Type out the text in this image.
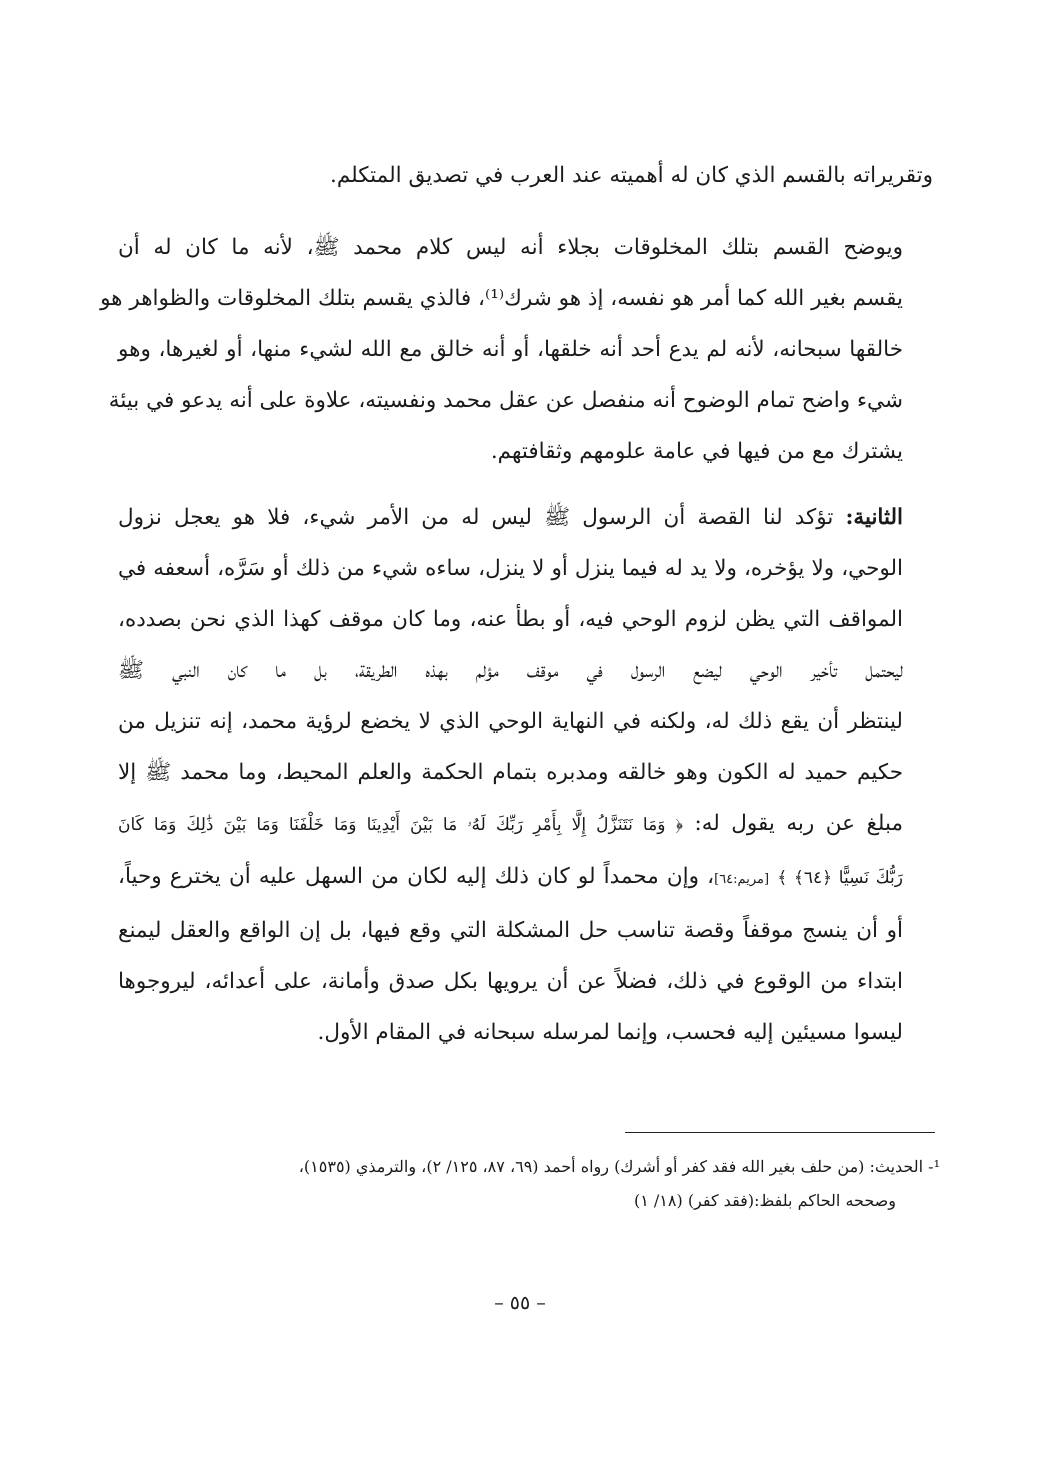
وتقريراته بالقسم الذي كان له أهميته عند العرب في تصديق المتكلم.
ويوضح القسم بتلك المخلوقات بجلاء أنه ليس كلام محمد ﷺ، لأنه ما كان له أن
يقسم بغير الله كما أمر هو نفسه، إذ هو شرك⁽¹⁾، فالذي يقسم بتلك المخلوقات والظواهر هو
خالقها سبحانه، لأنه لم يدع أحد أنه خلقها، أو أنه خالق مع الله لشيء منها، أو لغيرها، وهو
شيء واضح تمام الوضوح أنه منفصل عن عقل محمد ونفسيته، علاوة على أنه يدعو في بيئة
يشترك مع من فيها في عامة علومهم وثقافتهم.
الثانية: تؤكد لنا القصة أن الرسول ﷺ ليس له من الأمر شيء، فلا هو يعجل نزول
الوحي، ولا يؤخره، ولا يد له فيما ينزل أو لا ينزل، ساءه شيء من ذلك أو سَرَّه، أسعفه في
المواقف التي يظن لزوم الوحي فيه، أو بطأ عنه، وما كان موقف كهذا الذي نحن بصدده،
ليحتمل تأخير الوحي ليضع الرسول في موقف مؤلم بهذه الطريقة، بل ما كان النبي ﷺ
لينتظر أن يقع ذلك له، ولكنه في النهاية الوحي الذي لا يخضع لرؤية محمد، إنه تنزيل من
حكيم حميد له الكون وهو خالقه ومدبره بتمام الحكمة والعلم المحيط، وما محمد ﷺ إلا
مبلغ عن ربه يقول له: ﴿ وَمَا نَتَنَزَّلُ إِلَّا بِأَمْرِ رَبِّكَ لَهُۥ مَا بَيْنَ أَيْدِينَا وَمَا خَلْفَنَا وَمَا بَيْنَ ذَٰلِكَ وَمَا كَانَ
رَبُّكَ نَسِيًّا ﴿٦٤﴾ ﴾ [مريم:٦٤]، وإن محمداً لو كان ذلك إليه لكان من السهل عليه أن يخترع وحياً،
أو أن ينسج موقفاً وقصة تناسب حل المشكلة التي وقع فيها، بل إن الواقع والعقل ليمنع
ابتداء من الوقوع في ذلك، فضلاً عن أن يرويها بكل صدق وأمانة، على أعدائه، ليروجوها
ليسوا مسيئين إليه فحسب، وإنما لمرسله سبحانه في المقام الأول.
¹- الحديث: (من حلف بغير الله فقد كفر أو أشرك) رواه أحمد (٦٩، ٨٧، ١٢٥/ ٢)، والترمذي (١٥٣٥)،
وصححه الحاكم بلفظ:(فقد كفر) (١٨/ ١)
– ٥٥ –
